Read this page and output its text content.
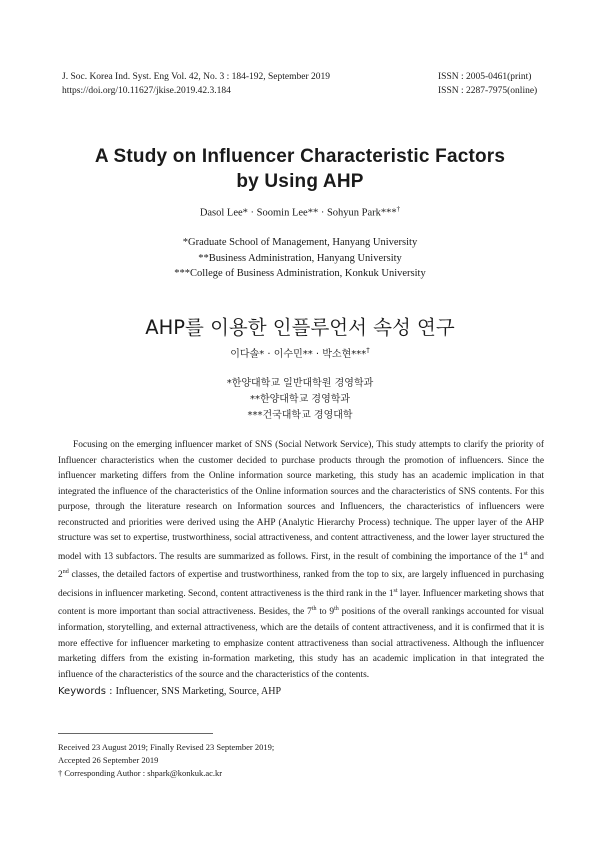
J. Soc. Korea Ind. Syst. Eng Vol. 42, No. 3 : 184-192, September 2019
https://doi.org/10.11627/jkise.2019.42.3.184
ISSN : 2005-0461(print)
ISSN : 2287-7975(online)
A Study on Influencer Characteristic Factors
by Using AHP
Dasol Lee* · Soomin Lee** · Sohyun Park***†
*Graduate School of Management, Hanyang University
**Business Administration, Hanyang University
***College of Business Administration, Konkuk University
AHP를 이용한 인플루언서 속성 연구
이다솔* · 이수민** · 박소현***†
*한양대학교 일반대학원 경영학과
**한양대학교 경영학과
***건국대학교 경영대학

Focusing on the emerging influencer market of SNS (Social Network Service), This study attempts to clarify the priority of Influencer characteristics when the customer decided to purchase products through the promotion of influencers. Since the influencer marketing differs from the Online information source marketing, this study has an academic implication in that integrated the influence of the characteristics of the Online information sources and the characteristics of SNS contents. For this purpose, through the literature research on Information sources and Influencers, the characteristics of influencers were reconstructed and priorities were derived using the AHP (Analytic Hierarchy Process) technique. The upper layer of the AHP structure was set to expertise, trustworthiness, social attractiveness, and content attractiveness, and the lower layer structured the model with 13 subfactors. The results are summarized as follows. First, in the result of combining the importance of the 1st and 2nd classes, the detailed factors of expertise and trustworthiness, ranked from the top to six, are largely influenced in purchasing decisions in influencer marketing. Second, content attractiveness is the third rank in the 1st layer. Influencer marketing shows that content is more important than social attractiveness. Besides, the 7th to 9th positions of the overall rankings accounted for visual information, storytelling, and external attractiveness, which are the details of content attractiveness, and it is confirmed that it is more effective for influencer marketing to emphasize content attractiveness than social attractiveness. Although the influencer marketing differs from the existing in-formation marketing, this study has an academic implication in that integrated the influence of the characteristics of the source and the characteristics of the contents.

Keywords : Influencer, SNS Marketing, Source, AHP
Received 23 August 2019; Finally Revised 23 September 2019;
Accepted 26 September 2019
† Corresponding Author : shpark@konkuk.ac.kr
